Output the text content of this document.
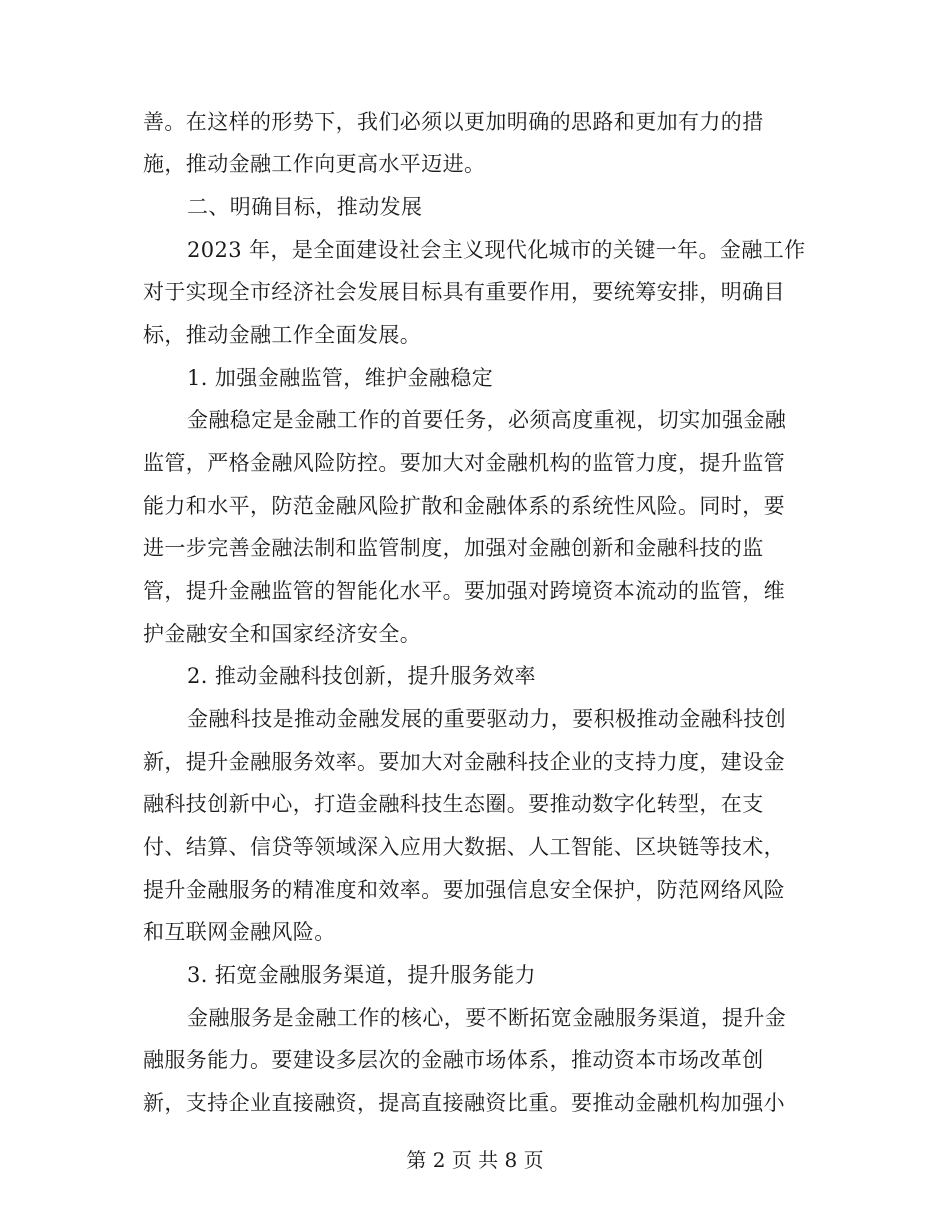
善。在这样的形势下，我们必须以更加明确的思路和更加有力的措
施，推动金融工作向更高水平迈进。
二、明确目标，推动发展
2023 年，是全面建设社会主义现代化城市的关键一年。金融工作
对于实现全市经济社会发展目标具有重要作用，要统筹安排，明确目
标，推动金融工作全面发展。
1. 加强金融监管，维护金融稳定
金融稳定是金融工作的首要任务，必须高度重视，切实加强金融
监管，严格金融风险防控。要加大对金融机构的监管力度，提升监管
能力和水平，防范金融风险扩散和金融体系的系统性风险。同时，要
进一步完善金融法制和监管制度，加强对金融创新和金融科技的监
管，提升金融监管的智能化水平。要加强对跨境资本流动的监管，维
护金融安全和国家经济安全。
2. 推动金融科技创新，提升服务效率
金融科技是推动金融发展的重要驱动力，要积极推动金融科技创
新，提升金融服务效率。要加大对金融科技企业的支持力度，建设金
融科技创新中心，打造金融科技生态圈。要推动数字化转型，在支
付、结算、信贷等领域深入应用大数据、人工智能、区块链等技术，
提升金融服务的精准度和效率。要加强信息安全保护，防范网络风险
和互联网金融风险。
3. 拓宽金融服务渠道，提升服务能力
金融服务是金融工作的核心，要不断拓宽金融服务渠道，提升金
融服务能力。要建设多层次的金融市场体系，推动资本市场改革创
新，支持企业直接融资，提高直接融资比重。要推动金融机构加强小
第 2 页 共 8 页
